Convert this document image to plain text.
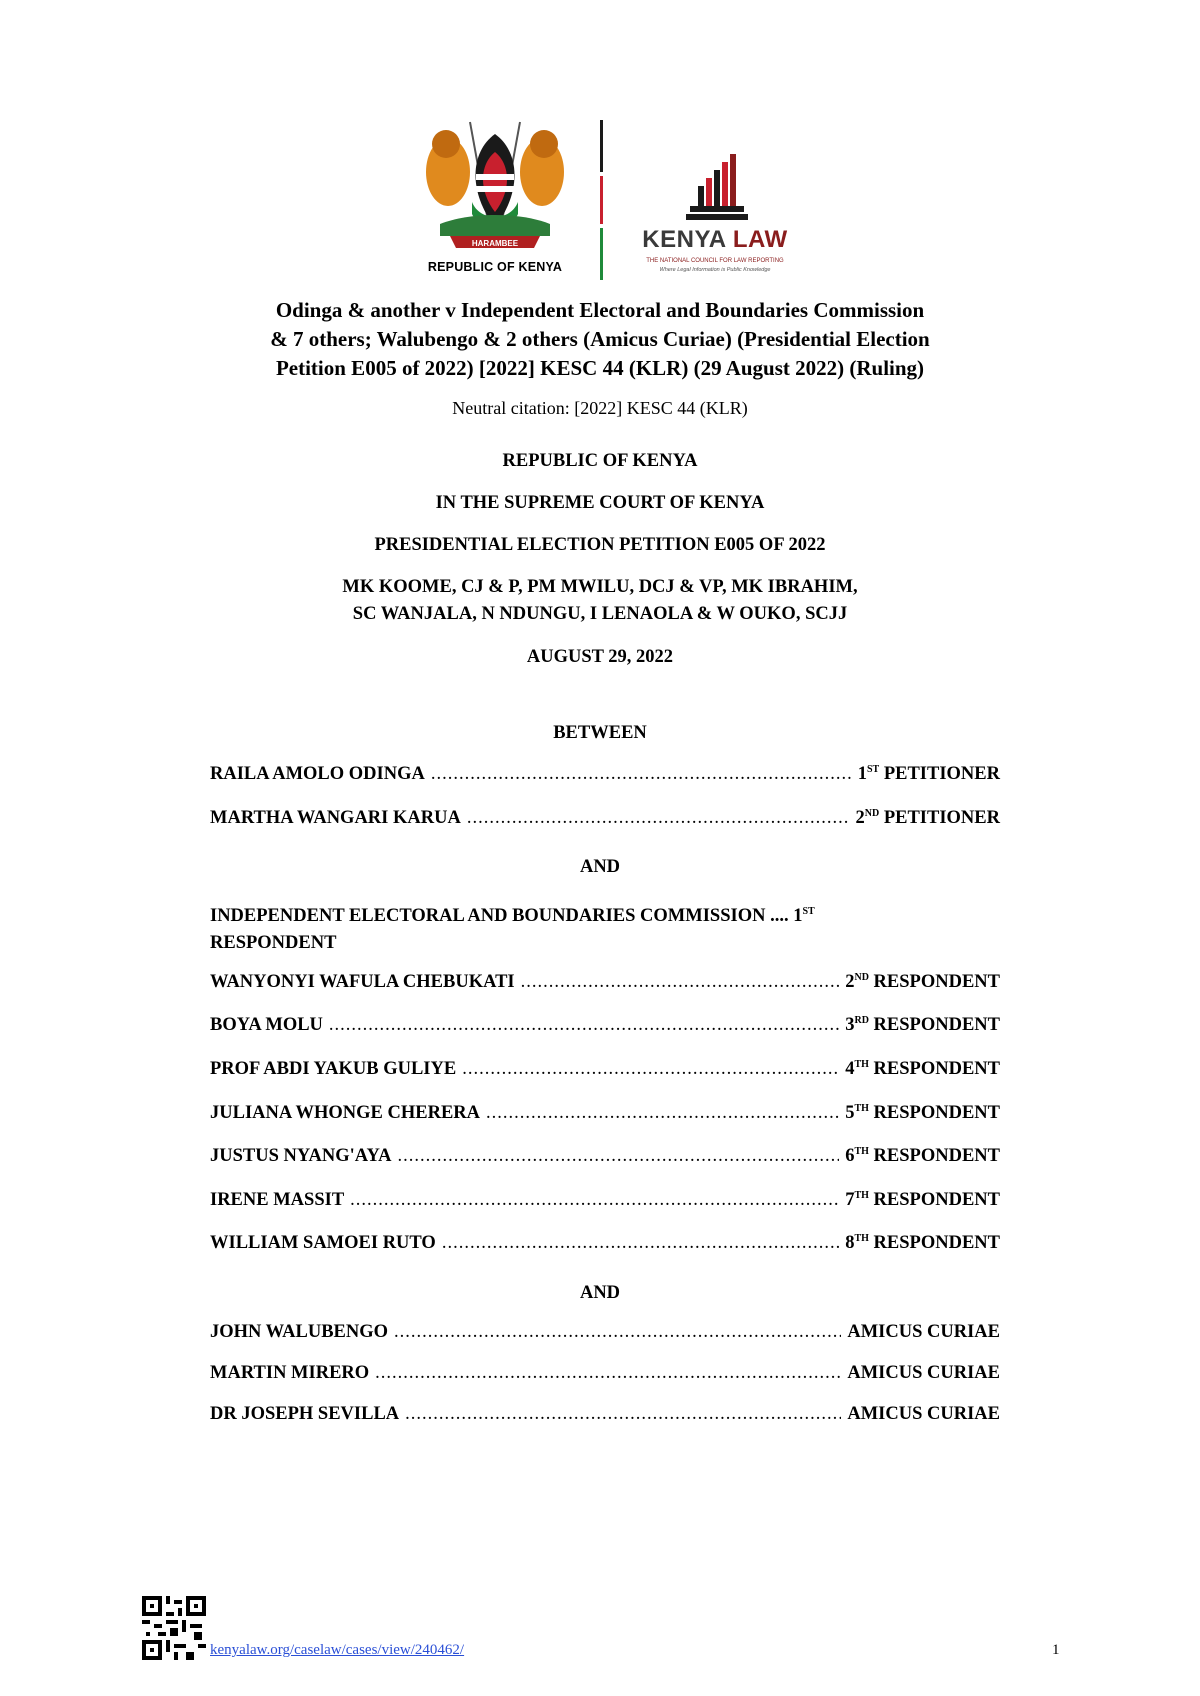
HARAMBEE
REPUBLIC OF KENYA
KENYA LAW
THE NATIONAL COUNCIL FOR LAW REPORTING
Where Legal Information is Public Knowledge
Odinga & another v Independent Electoral and Boundaries Commission
& 7 others; Walubengo & 2 others (Amicus Curiae) (Presidential Election
Petition E005 of 2022) [2022] KESC 44 (KLR) (29 August 2022) (Ruling)
Neutral citation: [2022] KESC 44 (KLR)
REPUBLIC OF KENYA
IN THE SUPREME COURT OF KENYA
PRESIDENTIAL ELECTION PETITION E005 OF 2022
MK KOOME, CJ & P, PM MWILU, DCJ & VP, MK IBRAHIM,
SC WANJALA, N NDUNGU, I LENAOLA & W OUKO, SCJJ
AUGUST 29, 2022
BETWEEN
RAILA AMOLO ODINGA .....	1ST PETITIONER
MARTHA WANGARI KARUA .....	2ND PETITIONER
AND
INDEPENDENT ELECTORAL AND BOUNDARIES COMMISSION .... 1ST
RESPONDENT
WANYONYI WAFULA CHEBUKATI .....	2ND RESPONDENT
BOYA MOLU .....	3RD RESPONDENT
PROF ABDI YAKUB GULIYE .....	4TH RESPONDENT
JULIANA WHONGE CHERERA .....	5TH RESPONDENT
JUSTUS NYANG'AYA .....	6TH RESPONDENT
IRENE MASSIT .....	7TH RESPONDENT
WILLIAM SAMOEI RUTO .....	8TH RESPONDENT
AND
JOHN WALUBENGO .....	AMICUS CURIAE
MARTIN MIRERO .....	AMICUS CURIAE
DR JOSEPH SEVILLA .....	AMICUS CURIAE
kenyalaw.org/caselaw/cases/view/240462/	1
